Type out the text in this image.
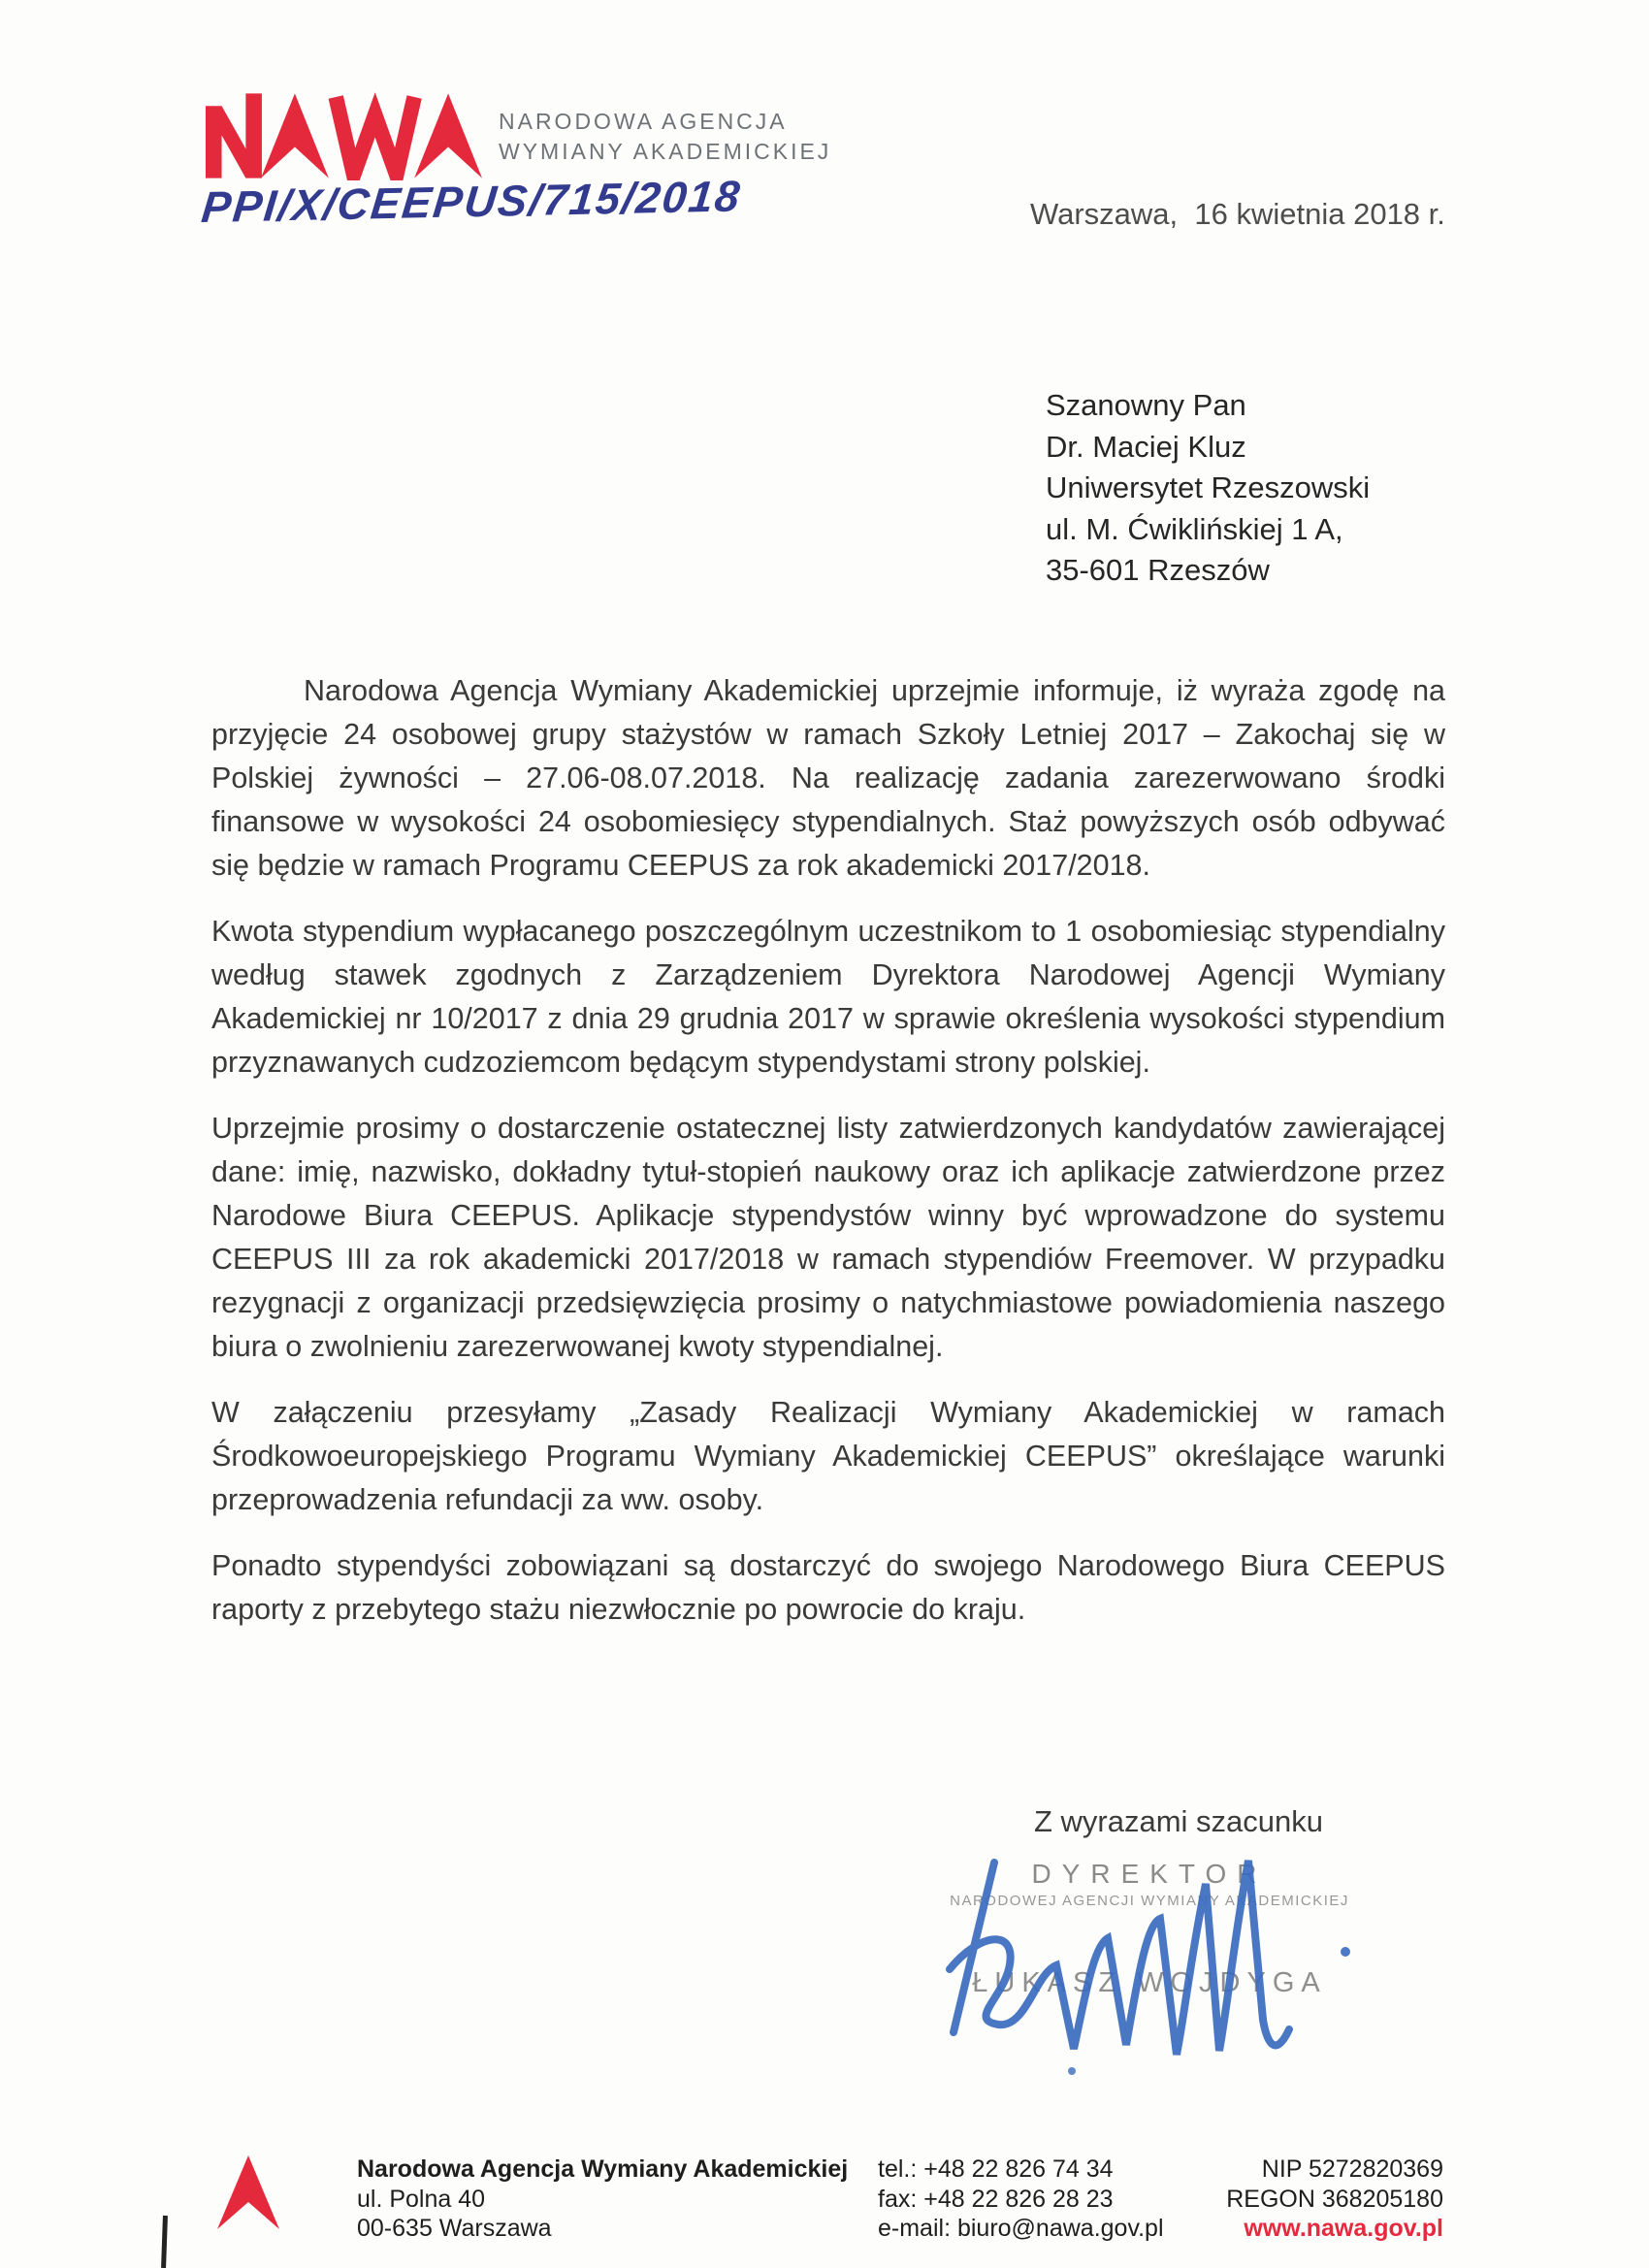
NARODOWA AGENCJA
WYMIANY AKADEMICKIEJ
PPI/X/CEEPUS/715/2018	Warszawa,  16 kwietnia 2018 r.
Szanowny Pan
Dr. Maciej Kluz
Uniwersytet Rzeszowski
ul. M. Ćwiklińskiej 1 A,
35-601 Rzeszów

Narodowa Agencja Wymiany Akademickiej uprzejmie informuje, iż wyraża zgodę na przyjęcie 24 osobowej grupy stażystów w ramach Szkoły Letniej 2017 – Zakochaj się w Polskiej żywności – 27.06-08.07.2018. Na realizację zadania zarezerwowano środki finansowe w wysokości 24 osobomiesięcy stypendialnych. Staż powyższych osób odbywać się będzie w ramach Programu CEEPUS za rok akademicki 2017/2018.

Kwota stypendium wypłacanego poszczególnym uczestnikom to 1 osobomiesiąc stypendialny według stawek zgodnych z Zarządzeniem Dyrektora Narodowej Agencji Wymiany Akademickiej nr 10/2017 z dnia 29 grudnia 2017 w sprawie określenia wysokości stypendium przyznawanych cudzoziemcom będącym stypendystami strony polskiej.

Uprzejmie prosimy o dostarczenie ostatecznej listy zatwierdzonych kandydatów zawierającej dane: imię, nazwisko, dokładny tytuł-stopień naukowy oraz ich aplikacje zatwierdzone przez Narodowe Biura CEEPUS. Aplikacje stypendystów winny być wprowadzone do systemu CEEPUS III za rok akademicki 2017/2018 w ramach stypendiów Freemover. W przypadku rezygnacji z organizacji przedsięwzięcia prosimy o natychmiastowe powiadomienia naszego biura o zwolnieniu zarezerwowanej kwoty stypendialnej.

W załączeniu przesyłamy „Zasady Realizacji Wymiany Akademickiej w ramach Środkowoeuropejskiego Programu Wymiany Akademickiej CEEPUS” określające warunki przeprowadzenia refundacji za ww. osoby.

Ponadto stypendyści zobowiązani są dostarczyć do swojego Narodowego Biura CEEPUS raporty z przebytego stażu niezwłocznie po powrocie do kraju.

Z wyrazami szacunku
DYREKTOR
NARODOWEJ AGENCJI WYMIANY AKADEMICKIEJ
ŁUKASZ WOJDYGA
Narodowa Agencja Wymiany Akademickiej
ul. Polna 40
00-635 Warszawa
tel.: +48 22 826 74 34
fax: +48 22 826 28 23
e-mail: biuro@nawa.gov.pl
NIP 5272820369
REGON 368205180
www.nawa.gov.pl
